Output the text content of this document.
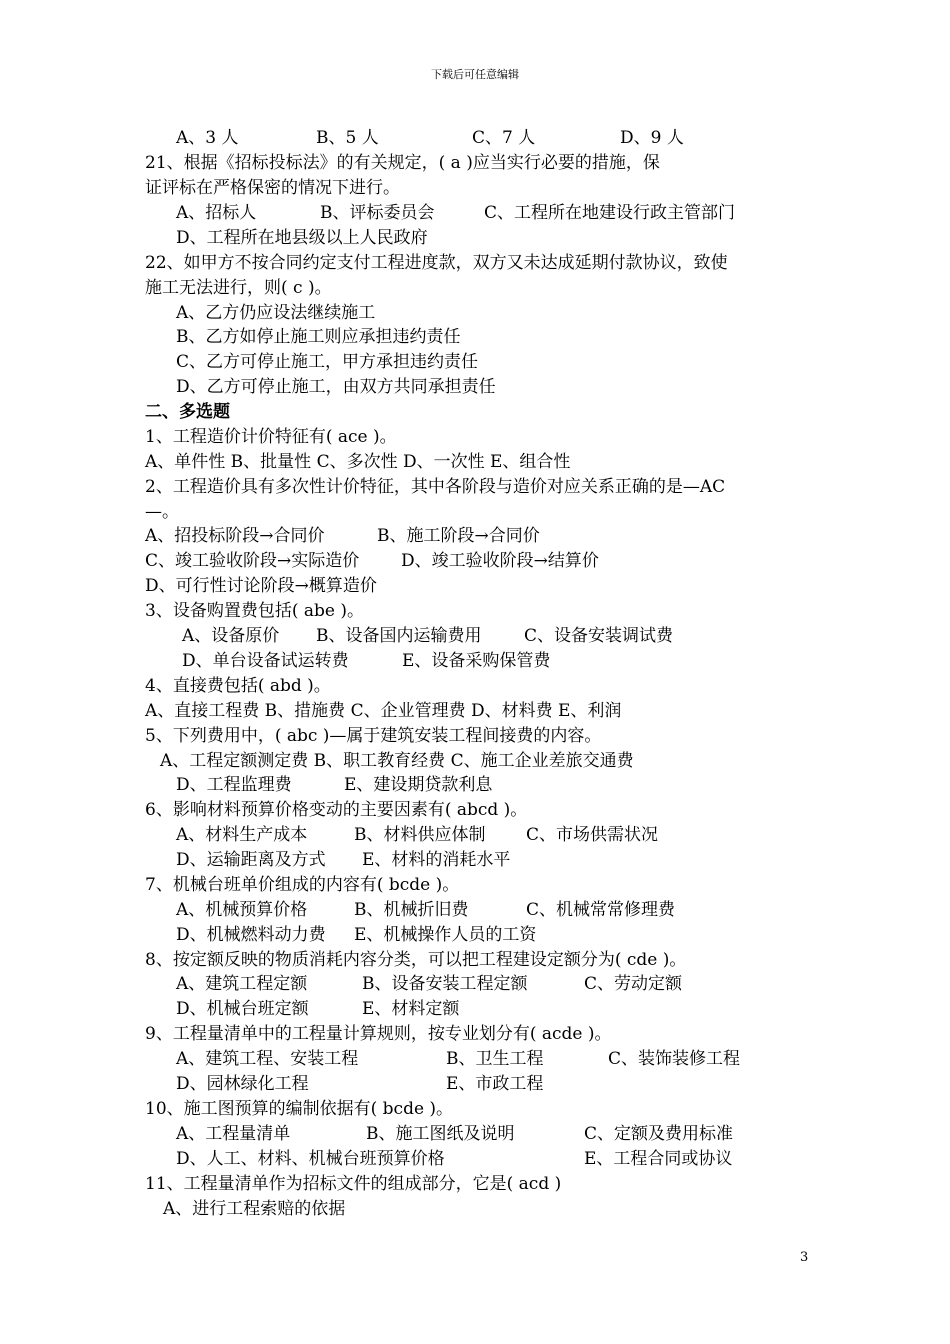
下载后可任意编辑
A、3 人	B、5 人	C、7 人	D、9 人
21、根据《招标投标法》的有关规定，( a )应当实行必要的措施，保
证评标在严格保密的情况下进行。
A、招标人	B、评标委员会	C、工程所在地建设行政主管部门
D、工程所在地县级以上人民政府
22、如甲方不按合同约定支付工程进度款，双方又未达成延期付款协议，致使
施工无法进行，则( c )。
A、乙方仍应设法继续施工
B、乙方如停止施工则应承担违约责任
C、乙方可停止施工，甲方承担违约责任
D、乙方可停止施工，由双方共同承担责任
二、多选题
1、工程造价计价特征有( ace )。
A、单件性 B、批量性 C、多次性 D、一次性 E、组合性
2、工程造价具有多次性计价特征，其中各阶段与造价对应关系正确的是—AC
—。
A、招投标阶段→合同价	B、施工阶段→合同价
C、竣工验收阶段→实际造价 D、竣工验收阶段→结算价
D、可行性讨论阶段→概算造价
3、设备购置费包括( abe )。
A、设备原价 B、设备国内运输费用	C、设备安装调试费
D、单台设备试运转费	E、设备采购保管费
4、直接费包括( abd )。
A、直接工程费 B、措施费 C、企业管理费 D、材料费 E、利润
5、下列费用中，( abc )—属于建筑安装工程间接费的内容。
A、工程定额测定费 B、职工教育经费 C、施工企业差旅交通费
D、工程监理费	E、建设期贷款利息
6、影响材料预算价格变动的主要因素有( abcd )。
A、材料生产成本	B、材料供应体制 C、市场供需状况
D、运输距离及方式 E、材料的消耗水平
7、机械台班单价组成的内容有( bcde )。
A、机械预算价格	B、机械折旧费	C、机械常常修理费
D、机械燃料动力费 E、机械操作人员的工资
8、按定额反映的物质消耗内容分类，可以把工程建设定额分为( cde )。
A、建筑工程定额	B、设备安装工程定额	C、劳动定额
D、机械台班定额	E、材料定额
9、工程量清单中的工程量计算规则，按专业划分有( acde )。
A、建筑工程、安装工程	B、卫生工程	C、装饰装修工程
D、园林绿化工程	E、市政工程
10、施工图预算的编制依据有( bcde )。
A、工程量清单	B、施工图纸及说明	C、定额及费用标准
D、人工、材料、机械台班预算价格	E、工程合同或协议
11、工程量清单作为招标文件的组成部分，它是( acd )
A、进行工程索赔的依据
3
